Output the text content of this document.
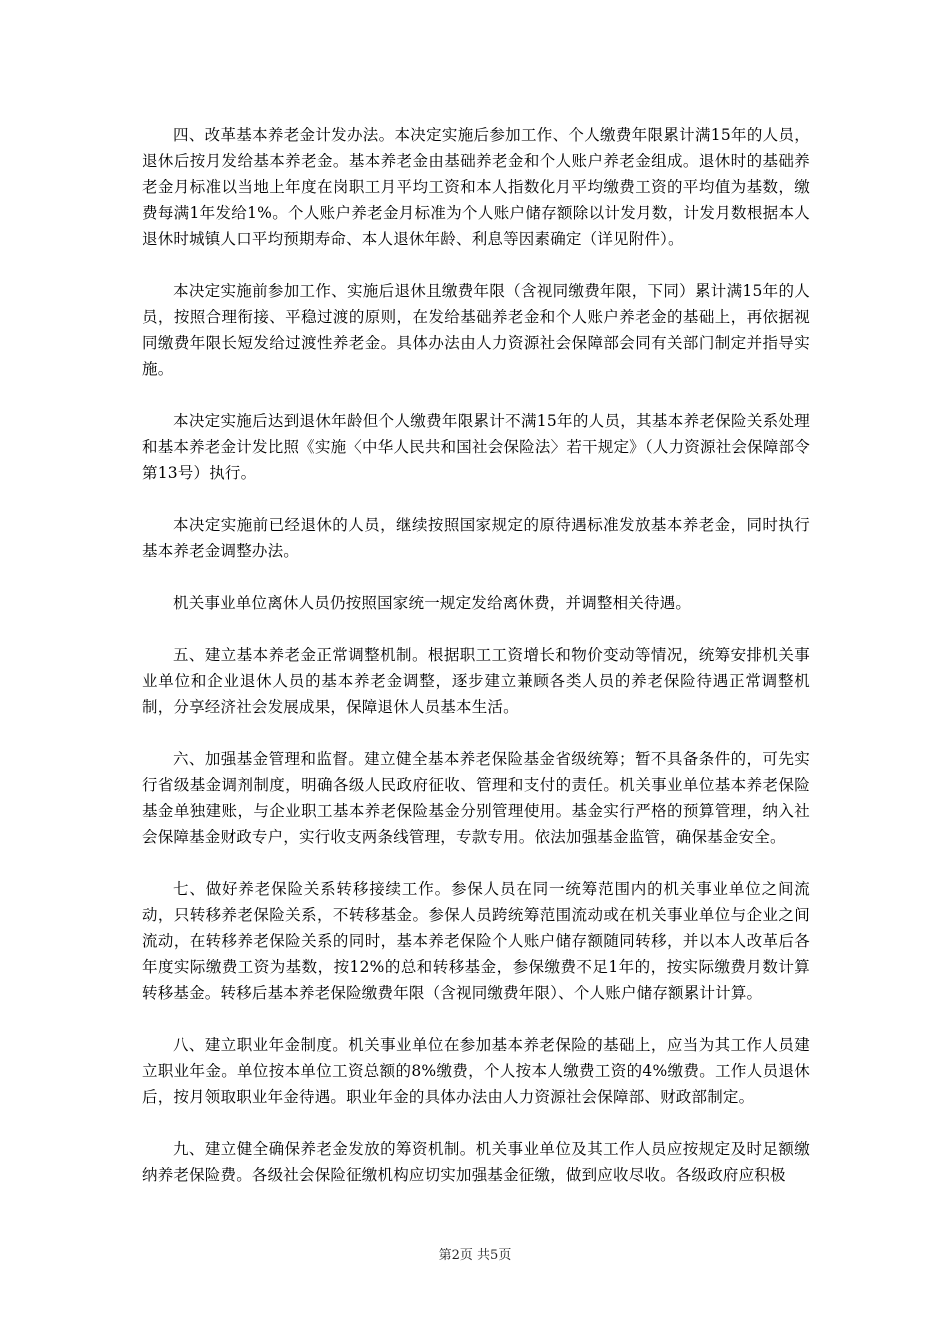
四、改革基本养老金计发办法。本决定实施后参加工作、个人缴费年限累计满15年的人员，退休后按月发给基本养老金。基本养老金由基础养老金和个人账户养老金组成。退休时的基础养老金月标准以当地上年度在岗职工月平均工资和本人指数化月平均缴费工资的平均值为基数，缴费每满1年发给1%。个人账户养老金月标准为个人账户储存额除以计发月数，计发月数根据本人退休时城镇人口平均预期寿命、本人退休年龄、利息等因素确定（详见附件）。

本决定实施前参加工作、实施后退休且缴费年限（含视同缴费年限，下同）累计满15年的人员，按照合理衔接、平稳过渡的原则，在发给基础养老金和个人账户养老金的基础上，再依据视同缴费年限长短发给过渡性养老金。具体办法由人力资源社会保障部会同有关部门制定并指导实施。

本决定实施后达到退休年龄但个人缴费年限累计不满15年的人员，其基本养老保险关系处理和基本养老金计发比照《实施〈中华人民共和国社会保险法〉若干规定》（人力资源社会保障部令第13号）执行。

本决定实施前已经退休的人员，继续按照国家规定的原待遇标准发放基本养老金，同时执行基本养老金调整办法。

机关事业单位离休人员仍按照国家统一规定发给离休费，并调整相关待遇。

五、建立基本养老金正常调整机制。根据职工工资增长和物价变动等情况，统筹安排机关事业单位和企业退休人员的基本养老金调整，逐步建立兼顾各类人员的养老保险待遇正常调整机制，分享经济社会发展成果，保障退休人员基本生活。

六、加强基金管理和监督。建立健全基本养老保险基金省级统筹；暂不具备条件的，可先实行省级基金调剂制度，明确各级人民政府征收、管理和支付的责任。机关事业单位基本养老保险基金单独建账，与企业职工基本养老保险基金分别管理使用。基金实行严格的预算管理，纳入社会保障基金财政专户，实行收支两条线管理，专款专用。依法加强基金监管，确保基金安全。

七、做好养老保险关系转移接续工作。参保人员在同一统筹范围内的机关事业单位之间流动，只转移养老保险关系，不转移基金。参保人员跨统筹范围流动或在机关事业单位与企业之间流动，在转移养老保险关系的同时，基本养老保险个人账户储存额随同转移，并以本人改革后各年度实际缴费工资为基数，按12%的总和转移基金，参保缴费不足1年的，按实际缴费月数计算转移基金。转移后基本养老保险缴费年限（含视同缴费年限）、个人账户储存额累计计算。

八、建立职业年金制度。机关事业单位在参加基本养老保险的基础上，应当为其工作人员建立职业年金。单位按本单位工资总额的8%缴费，个人按本人缴费工资的4%缴费。工作人员退休后，按月领取职业年金待遇。职业年金的具体办法由人力资源社会保障部、财政部制定。

九、建立健全确保养老金发放的筹资机制。机关事业单位及其工作人员应按规定及时足额缴纳养老保险费。各级社会保险征缴机构应切实加强基金征缴，做到应收尽收。各级政府应积极

第2页 共5页
